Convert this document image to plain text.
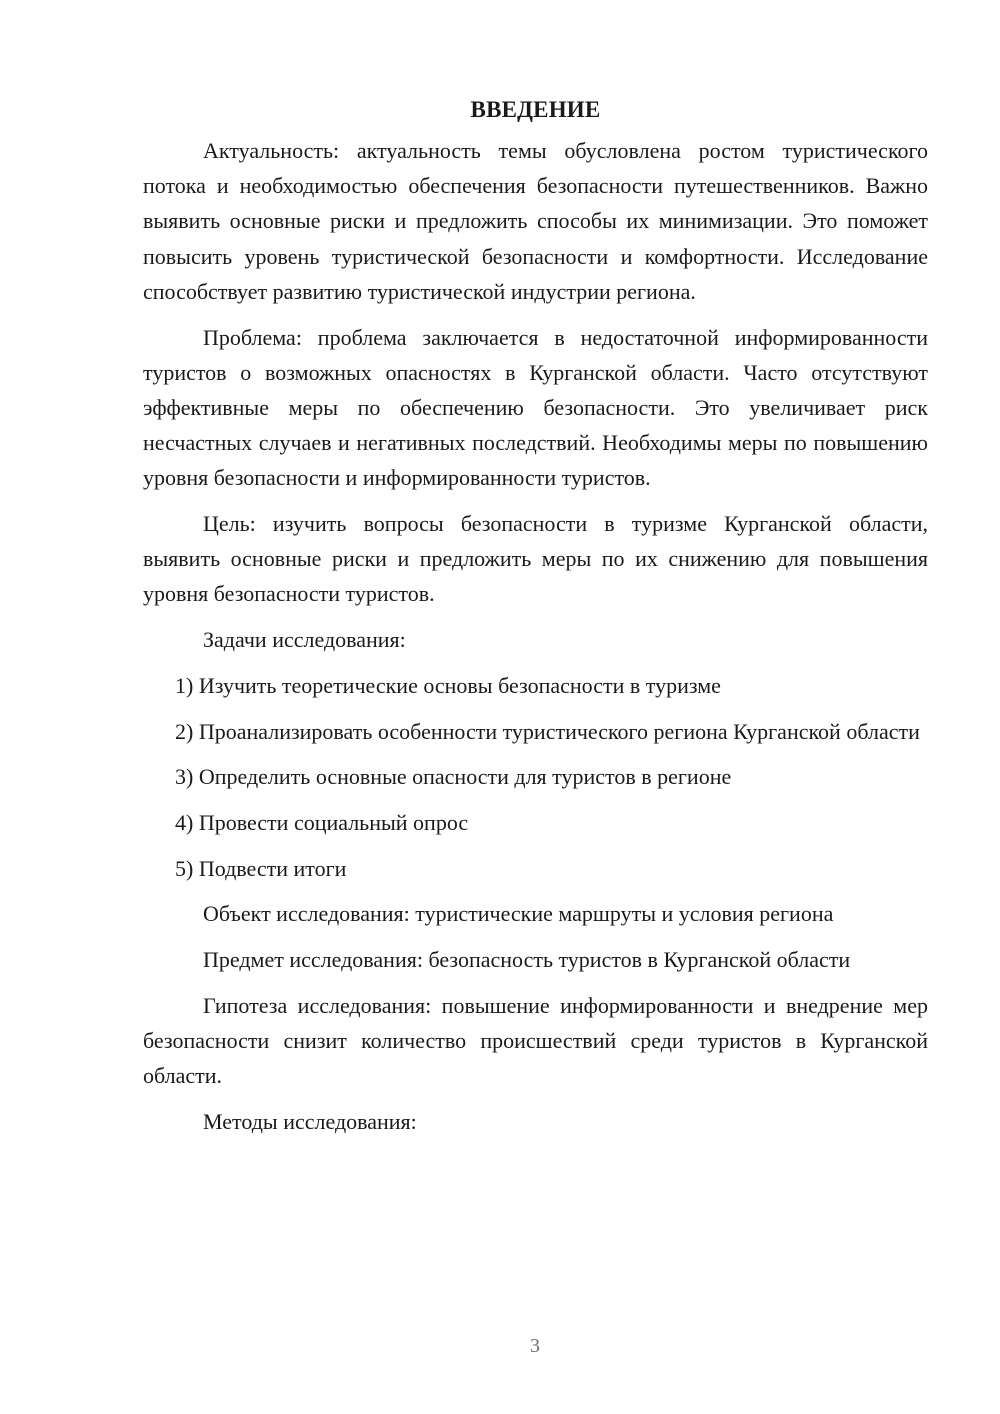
ВВЕДЕНИЕ

Актуальность: актуальность темы обусловлена ростом туристического потока и необходимостью обеспечения безопасности путешественников. Важно выявить основные риски и предложить способы их минимизации. Это поможет повысить уровень туристической безопасности и комфортности. Исследование способствует развитию туристической индустрии региона.

Проблема: проблема заключается в недостаточной информированности туристов о возможных опасностях в Курганской области. Часто отсутствуют эффективные меры по обеспечению безопасности. Это увеличивает риск несчастных случаев и негативных последствий. Необходимы меры по повышению уровня безопасности и информированности туристов.

Цель: изучить вопросы безопасности в туризме Курганской области, выявить основные риски и предложить меры по их снижению для повышения уровня безопасности туристов.

Задачи исследования:

1) Изучить теоретические основы безопасности в туризме

2) Проанализировать особенности туристического региона Курганской области

3) Определить основные опасности для туристов в регионе

4) Провести социальный опрос

5) Подвести итоги

Объект исследования: туристические маршруты и условия региона

Предмет исследования: безопасность туристов в Курганской области

Гипотеза исследования: повышение информированности и внедрение мер безопасности снизит количество происшествий среди туристов в Курганской области.

Методы исследования:

3
